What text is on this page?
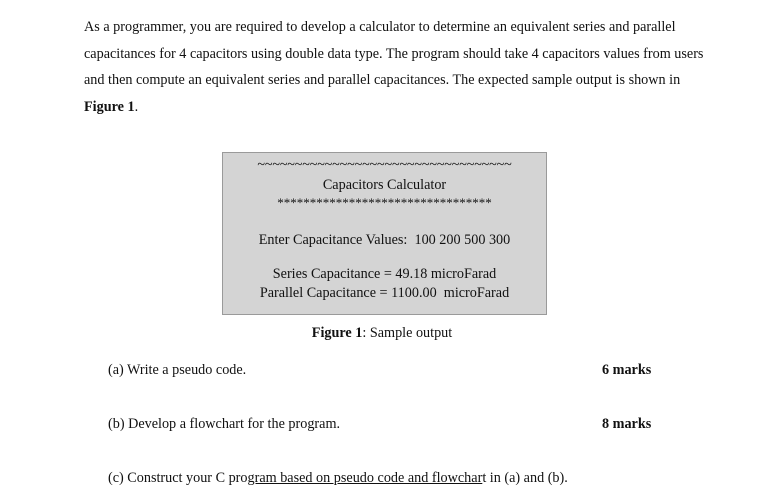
As a programmer, you are required to develop a calculator to determine an equivalent series and parallel capacitances for 4 capacitors using double data type. The program should take 4 capacitors values from users and then compute an equivalent series and parallel capacitances. The expected sample output is shown in Figure 1.

~~~~~~~~~~~~~~~~~~~~~~~~~~~~~~~~~~
Capacitors Calculator
*********************************
Enter Capacitance Values:  100 200 500 300
Series Capacitance = 49.18 microFarad
Parallel Capacitance = 1100.00  microFarad
Figure 1: Sample output
(a) Write a pseudo code.	6 marks
(b) Develop a flowchart for the program.	8 marks
(c) Construct your C program based on pseudo code and flowchart in (a) and (b).
